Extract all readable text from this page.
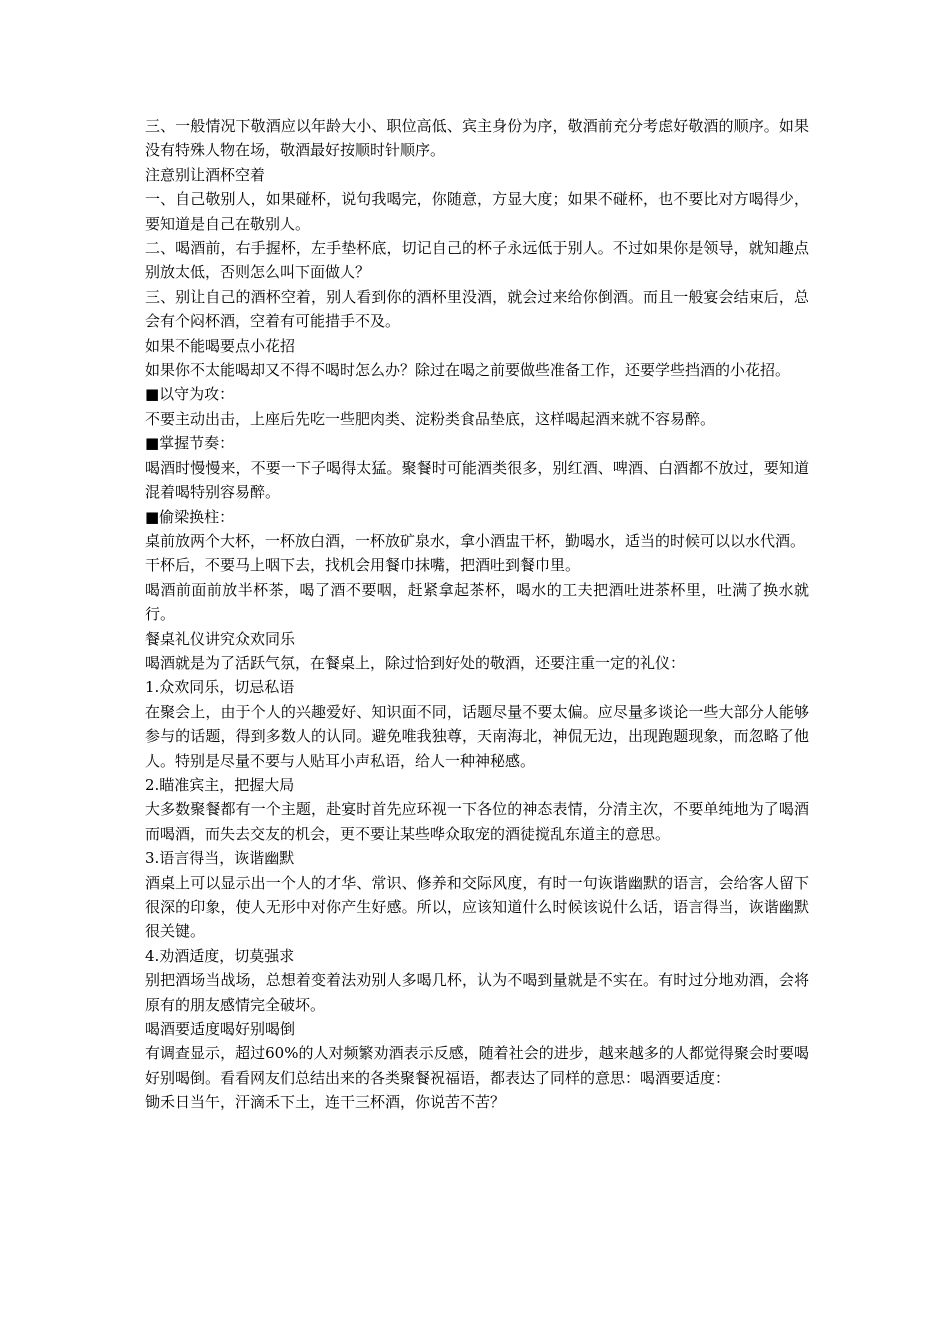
三、一般情况下敬酒应以年龄大小、职位高低、宾主身份为序，敬酒前充分考虑好敬酒的顺序。如果没有特殊人物在场，敬酒最好按顺时针顺序。

注意别让酒杯空着

一、自己敬别人，如果碰杯，说句我喝完，你随意，方显大度；如果不碰杯，也不要比对方喝得少，要知道是自己在敬别人。

二、喝酒前，右手握杯，左手垫杯底，切记自己的杯子永远低于别人。不过如果你是领导，就知趣点别放太低，否则怎么叫下面做人？

三、别让自己的酒杯空着，别人看到你的酒杯里没酒，就会过来给你倒酒。而且一般宴会结束后，总会有个闷杯酒，空着有可能措手不及。

如果不能喝要点小花招

如果你不太能喝却又不得不喝时怎么办？除过在喝之前要做些准备工作，还要学些挡酒的小花招。

■以守为攻：

不要主动出击，上座后先吃一些肥肉类、淀粉类食品垫底，这样喝起酒来就不容易醉。

■掌握节奏：

喝酒时慢慢来，不要一下子喝得太猛。聚餐时可能酒类很多，别红酒、啤酒、白酒都不放过，要知道混着喝特别容易醉。

■偷梁换柱：

桌前放两个大杯，一杯放白酒，一杯放矿泉水，拿小酒盅干杯，勤喝水，适当的时候可以以水代酒。

干杯后，不要马上咽下去，找机会用餐巾抹嘴，把酒吐到餐巾里。

喝酒前面前放半杯茶，喝了酒不要咽，赶紧拿起茶杯，喝水的工夫把酒吐进茶杯里，吐满了换水就行。

餐桌礼仪讲究众欢同乐

喝酒就是为了活跃气氛，在餐桌上，除过恰到好处的敬酒，还要注重一定的礼仪：

1.众欢同乐，切忌私语

在聚会上，由于个人的兴趣爱好、知识面不同，话题尽量不要太偏。应尽量多谈论一些大部分人能够参与的话题，得到多数人的认同。避免唯我独尊，天南海北，神侃无边，出现跑题现象，而忽略了他人。特别是尽量不要与人贴耳小声私语，给人一种神秘感。

2.瞄准宾主，把握大局

大多数聚餐都有一个主题，赴宴时首先应环视一下各位的神态表情，分清主次，不要单纯地为了喝酒而喝酒，而失去交友的机会，更不要让某些哗众取宠的酒徒搅乱东道主的意思。

3.语言得当，诙谐幽默

酒桌上可以显示出一个人的才华、常识、修养和交际风度，有时一句诙谐幽默的语言，会给客人留下很深的印象，使人无形中对你产生好感。所以，应该知道什么时候该说什么话，语言得当，诙谐幽默很关键。

4.劝酒适度，切莫强求

别把酒场当战场，总想着变着法劝别人多喝几杯，认为不喝到量就是不实在。有时过分地劝酒，会将原有的朋友感情完全破坏。

喝酒要适度喝好别喝倒

有调查显示，超过60%的人对频繁劝酒表示反感，随着社会的进步，越来越多的人都觉得聚会时要喝好别喝倒。看看网友们总结出来的各类聚餐祝福语，都表达了同样的意思：喝酒要适度：

锄禾日当午，汗滴禾下土，连干三杯酒，你说苦不苦？
